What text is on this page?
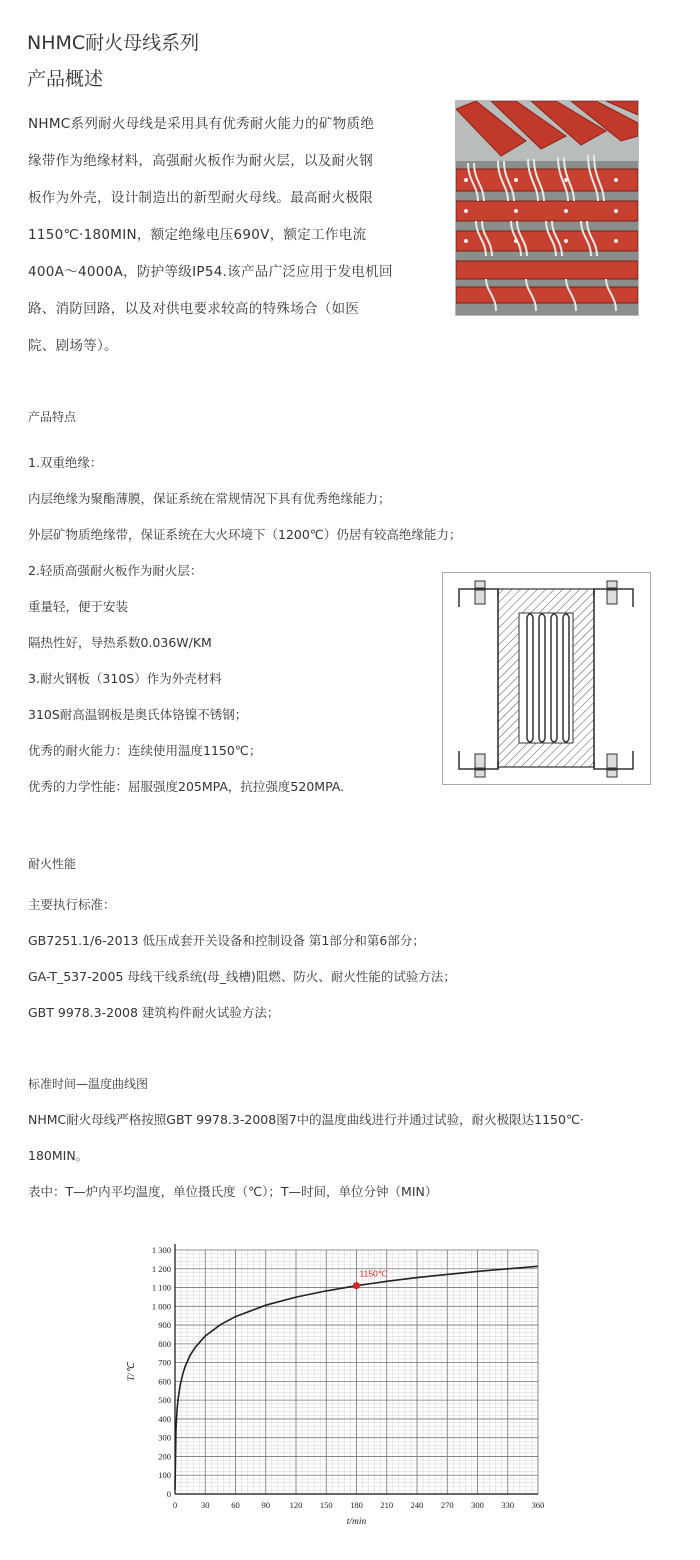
NHMC耐火母线系列
产品概述
NHMC系列耐火母线是采用具有优秀耐火能力的矿物质绝
缘带作为绝缘材料，高强耐火板作为耐火层，以及耐火钢
板作为外壳，设计制造出的新型耐火母线。最高耐火极限
1150℃·180MIN，额定绝缘电压690V，额定工作电流
400A～4000A，防护等级IP54.该产品广泛应用于发电机回
路、消防回路，以及对供电要求较高的特殊场合（如医
院、剧场等）。
产品特点
1.双重绝缘：
内层绝缘为聚酯薄膜，保证系统在常规情况下具有优秀绝缘能力；
外层矿物质绝缘带，保证系统在大火环境下（1200℃）仍居有较高绝缘能力；
2.轻质高强耐火板作为耐火层：
重量轻，便于安装
隔热性好，导热系数0.036W/KM
3.耐火钢板（310S）作为外壳材料
310S耐高温钢板是奥氏体铬镍不锈钢；
优秀的耐火能力：连续使用温度1150℃；
优秀的力学性能：屈服强度205MPA，抗拉强度520MPA.
耐火性能
主要执行标准：
GB7251.1/6-2013 低压成套开关设备和控制设备 第1部分和第6部分；
GA-T_537-2005 母线干线系统(母_线槽)阻燃、防火、耐火性能的试验方法；
GBT 9978.3-2008 建筑构件耐火试验方法；
标准时间—温度曲线图
NHMC耐火母线严格按照GBT 9978.3-2008图7中的温度曲线进行并通过试验，耐火极限达1150℃·
180MIN。
表中：T—炉内平均温度，单位摄氏度（℃）；T—时间，单位分钟（MIN）
0
100
200
300
400
500
600
700
800
900
1 000
1 100
1 200
1 300
0	30	60	90 120 150 180 210 240 270 300 330 360
T/℃
t/min
1150℃
